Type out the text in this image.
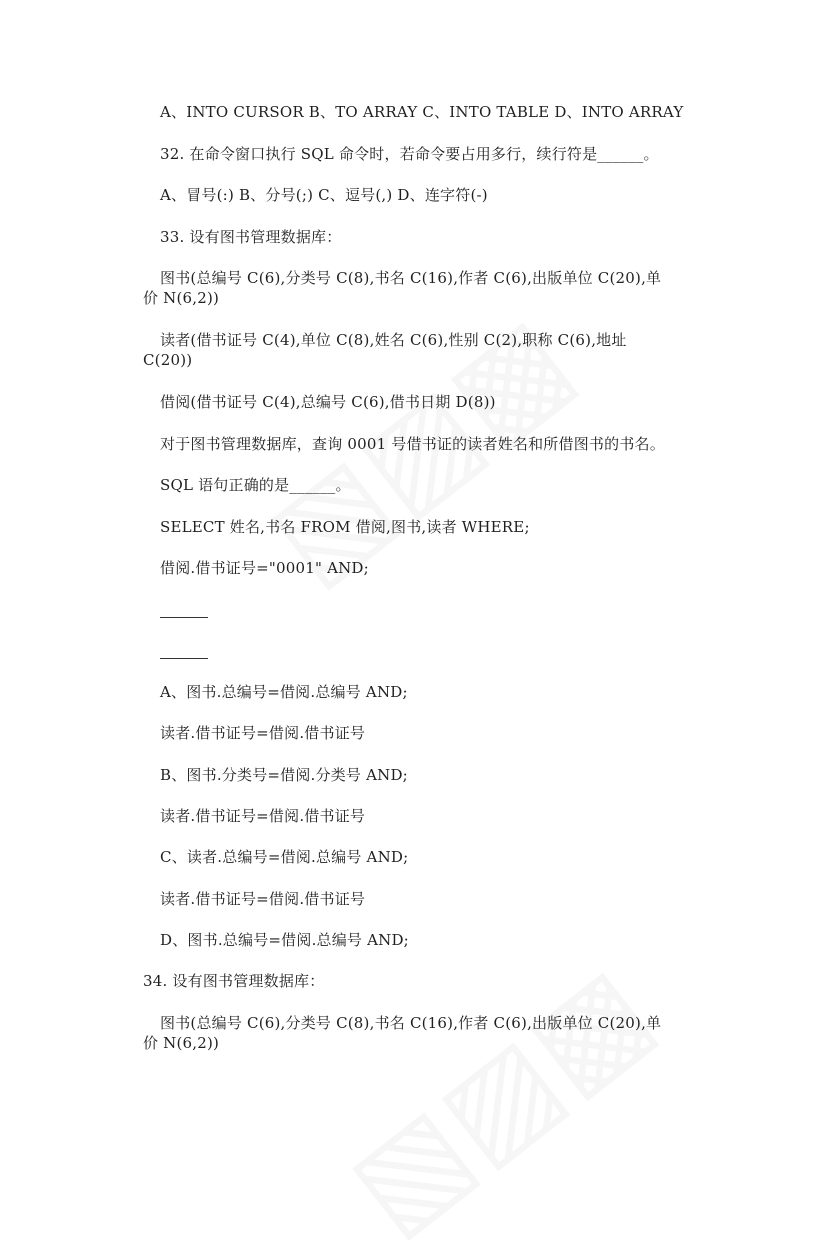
A、INTO CURSOR B、TO ARRAY C、INTO TABLE D、INTO ARRAY
32. 在命令窗口执行 SQL 命令时，若命令要占用多行，续行符是______。
A、冒号(:) B、分号(;) C、逗号(,) D、连字符(-)
33. 设有图书管理数据库：
图书(总编号 C(6),分类号 C(8),书名 C(16),作者 C(6),出版单位 C(20),单
价 N(6,2))
读者(借书证号 C(4),单位 C(8),姓名 C(6),性别 C(2),职称 C(6),地址
C(20))
借阅(借书证号 C(4),总编号 C(6),借书日期 D(8))
对于图书管理数据库，查询 0001 号借书证的读者姓名和所借图书的书名。
SQL 语句正确的是______。
SELECT 姓名,书名 FROM 借阅,图书,读者 WHERE;
借阅.借书证号="0001" AND;
A、图书.总编号=借阅.总编号 AND;
读者.借书证号=借阅.借书证号
B、图书.分类号=借阅.分类号 AND;
读者.借书证号=借阅.借书证号
C、读者.总编号=借阅.总编号 AND;
读者.借书证号=借阅.借书证号
D、图书.总编号=借阅.总编号 AND;
34. 设有图书管理数据库：
图书(总编号 C(6),分类号 C(8),书名 C(16),作者 C(6),出版单位 C(20),单
价 N(6,2))
